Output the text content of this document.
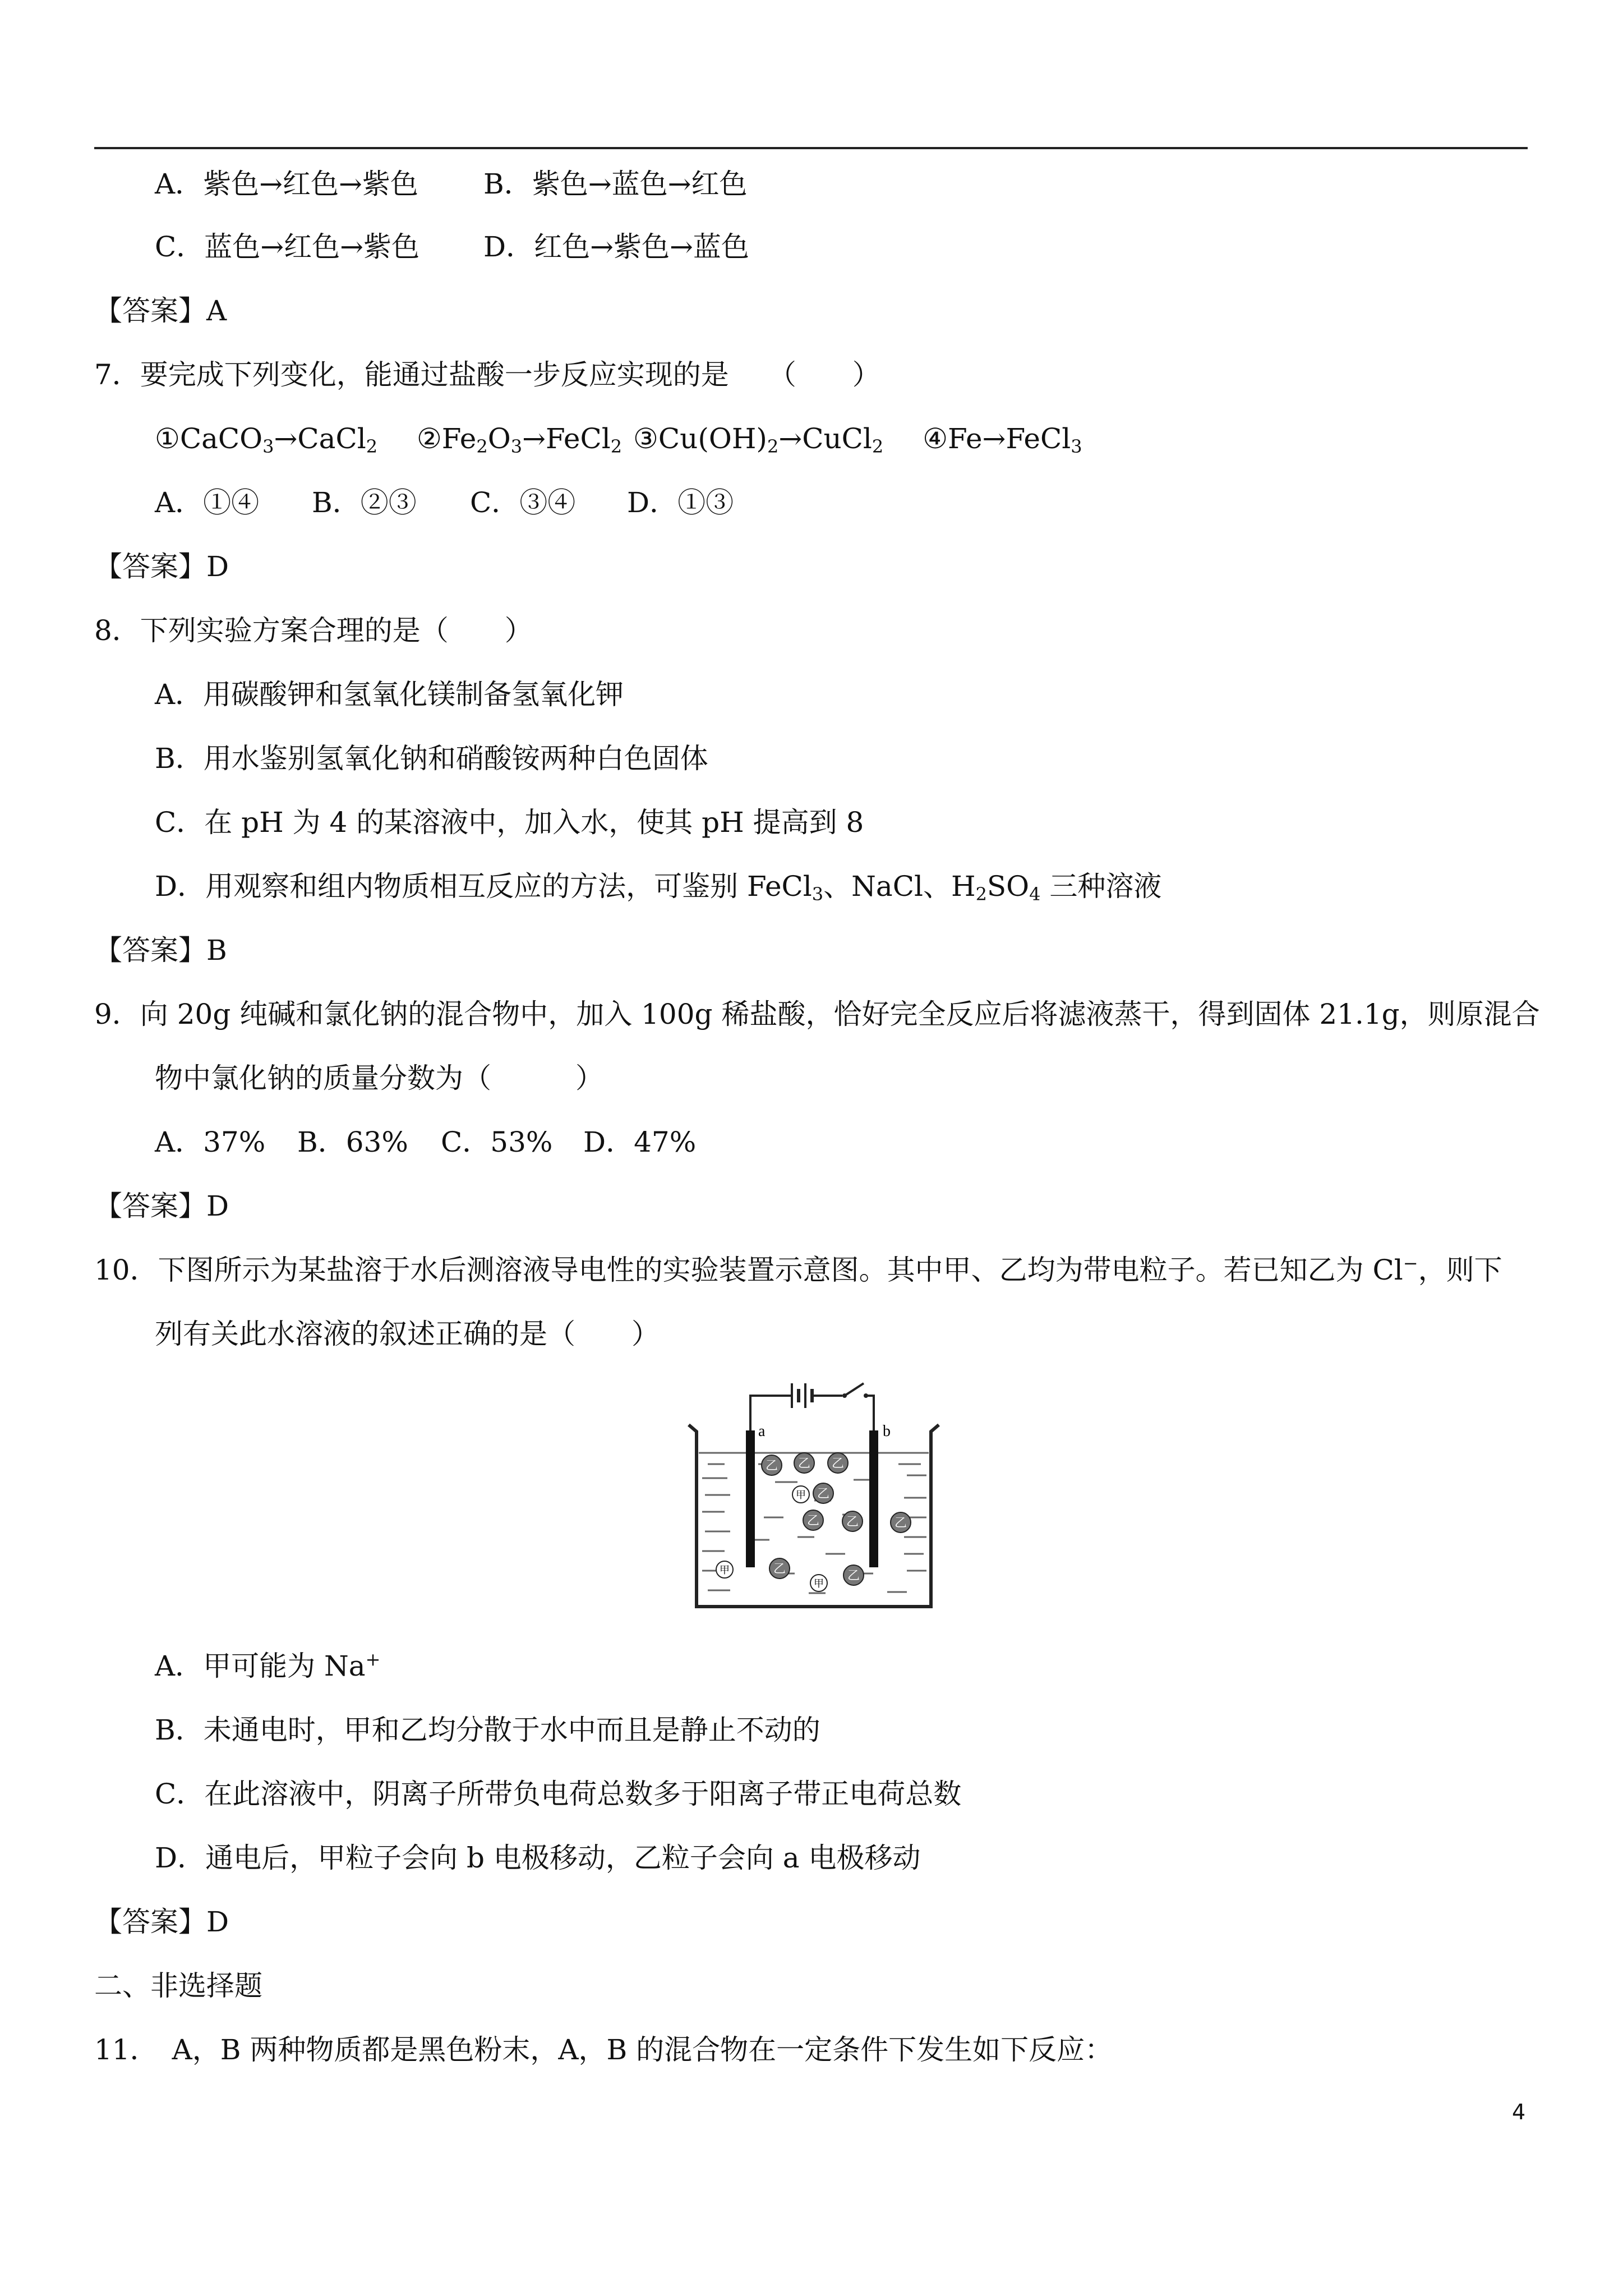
A．紫色→红色→紫色 B．紫色→蓝色→红色
C．蓝色→红色→紫色 D．红色→紫色→蓝色
【答案】A
7．要完成下列变化，能通过盐酸一步反应实现的是 （　　）
①CaCO$_3$→CaCl$_2$ $②Fe_2O_3\to FeCl_2$ $③Cu(OH)_2\to CuCl_2$ ④Fe→FeCl$_3$
A．①④ B．②③ C．③④ D．①③
【答案】D
8．下列实验方案合理的是（　　）
A．用碳酸钾和氢氧化镁制备氢氧化钾
B．用水鉴别氢氧化钠和硝酸铵两种白色固体
C．在 pH 为 4 的某溶液中，加入水，使其 pH 提高到 8
D．用观察和组内物质相互反应的方法，可鉴别 FeCl$_3$、NaCl、$H_2SO_4$ 三种溶液
【答案】B
9．向 20g 纯碱和氯化钠的混合物中，加入 100g 稀盐酸，恰好完全反应后将滤液蒸干，得到固体 21.1g，则原混合
物中氯化钠的质量分数为（　　　）
A．37% B．63% C．53% D．47%
【答案】D
10．下图所示为某盐溶于水后测溶液导电性的实验装置示意图。其中甲、乙均为带电粒子。若已知乙为 Cl−，则下
列有关此水溶液的叙述正确的是（　　）
a	b
乙 乙 乙
乙
乙 乙	乙
乙	乙
甲
甲
甲
A．甲可能为 Na+
B．未通电时，甲和乙均分散于水中而且是静止不动的
C．在此溶液中，阴离子所带负电荷总数多于阳离子带正电荷总数
D．通电后，甲粒子会向 b 电极移动，乙粒子会向 a 电极移动
【答案】D
二、非选择题
11．　A，B 两种物质都是黑色粉末，A，B 的混合物在一定条件下发生如下反应：
4
